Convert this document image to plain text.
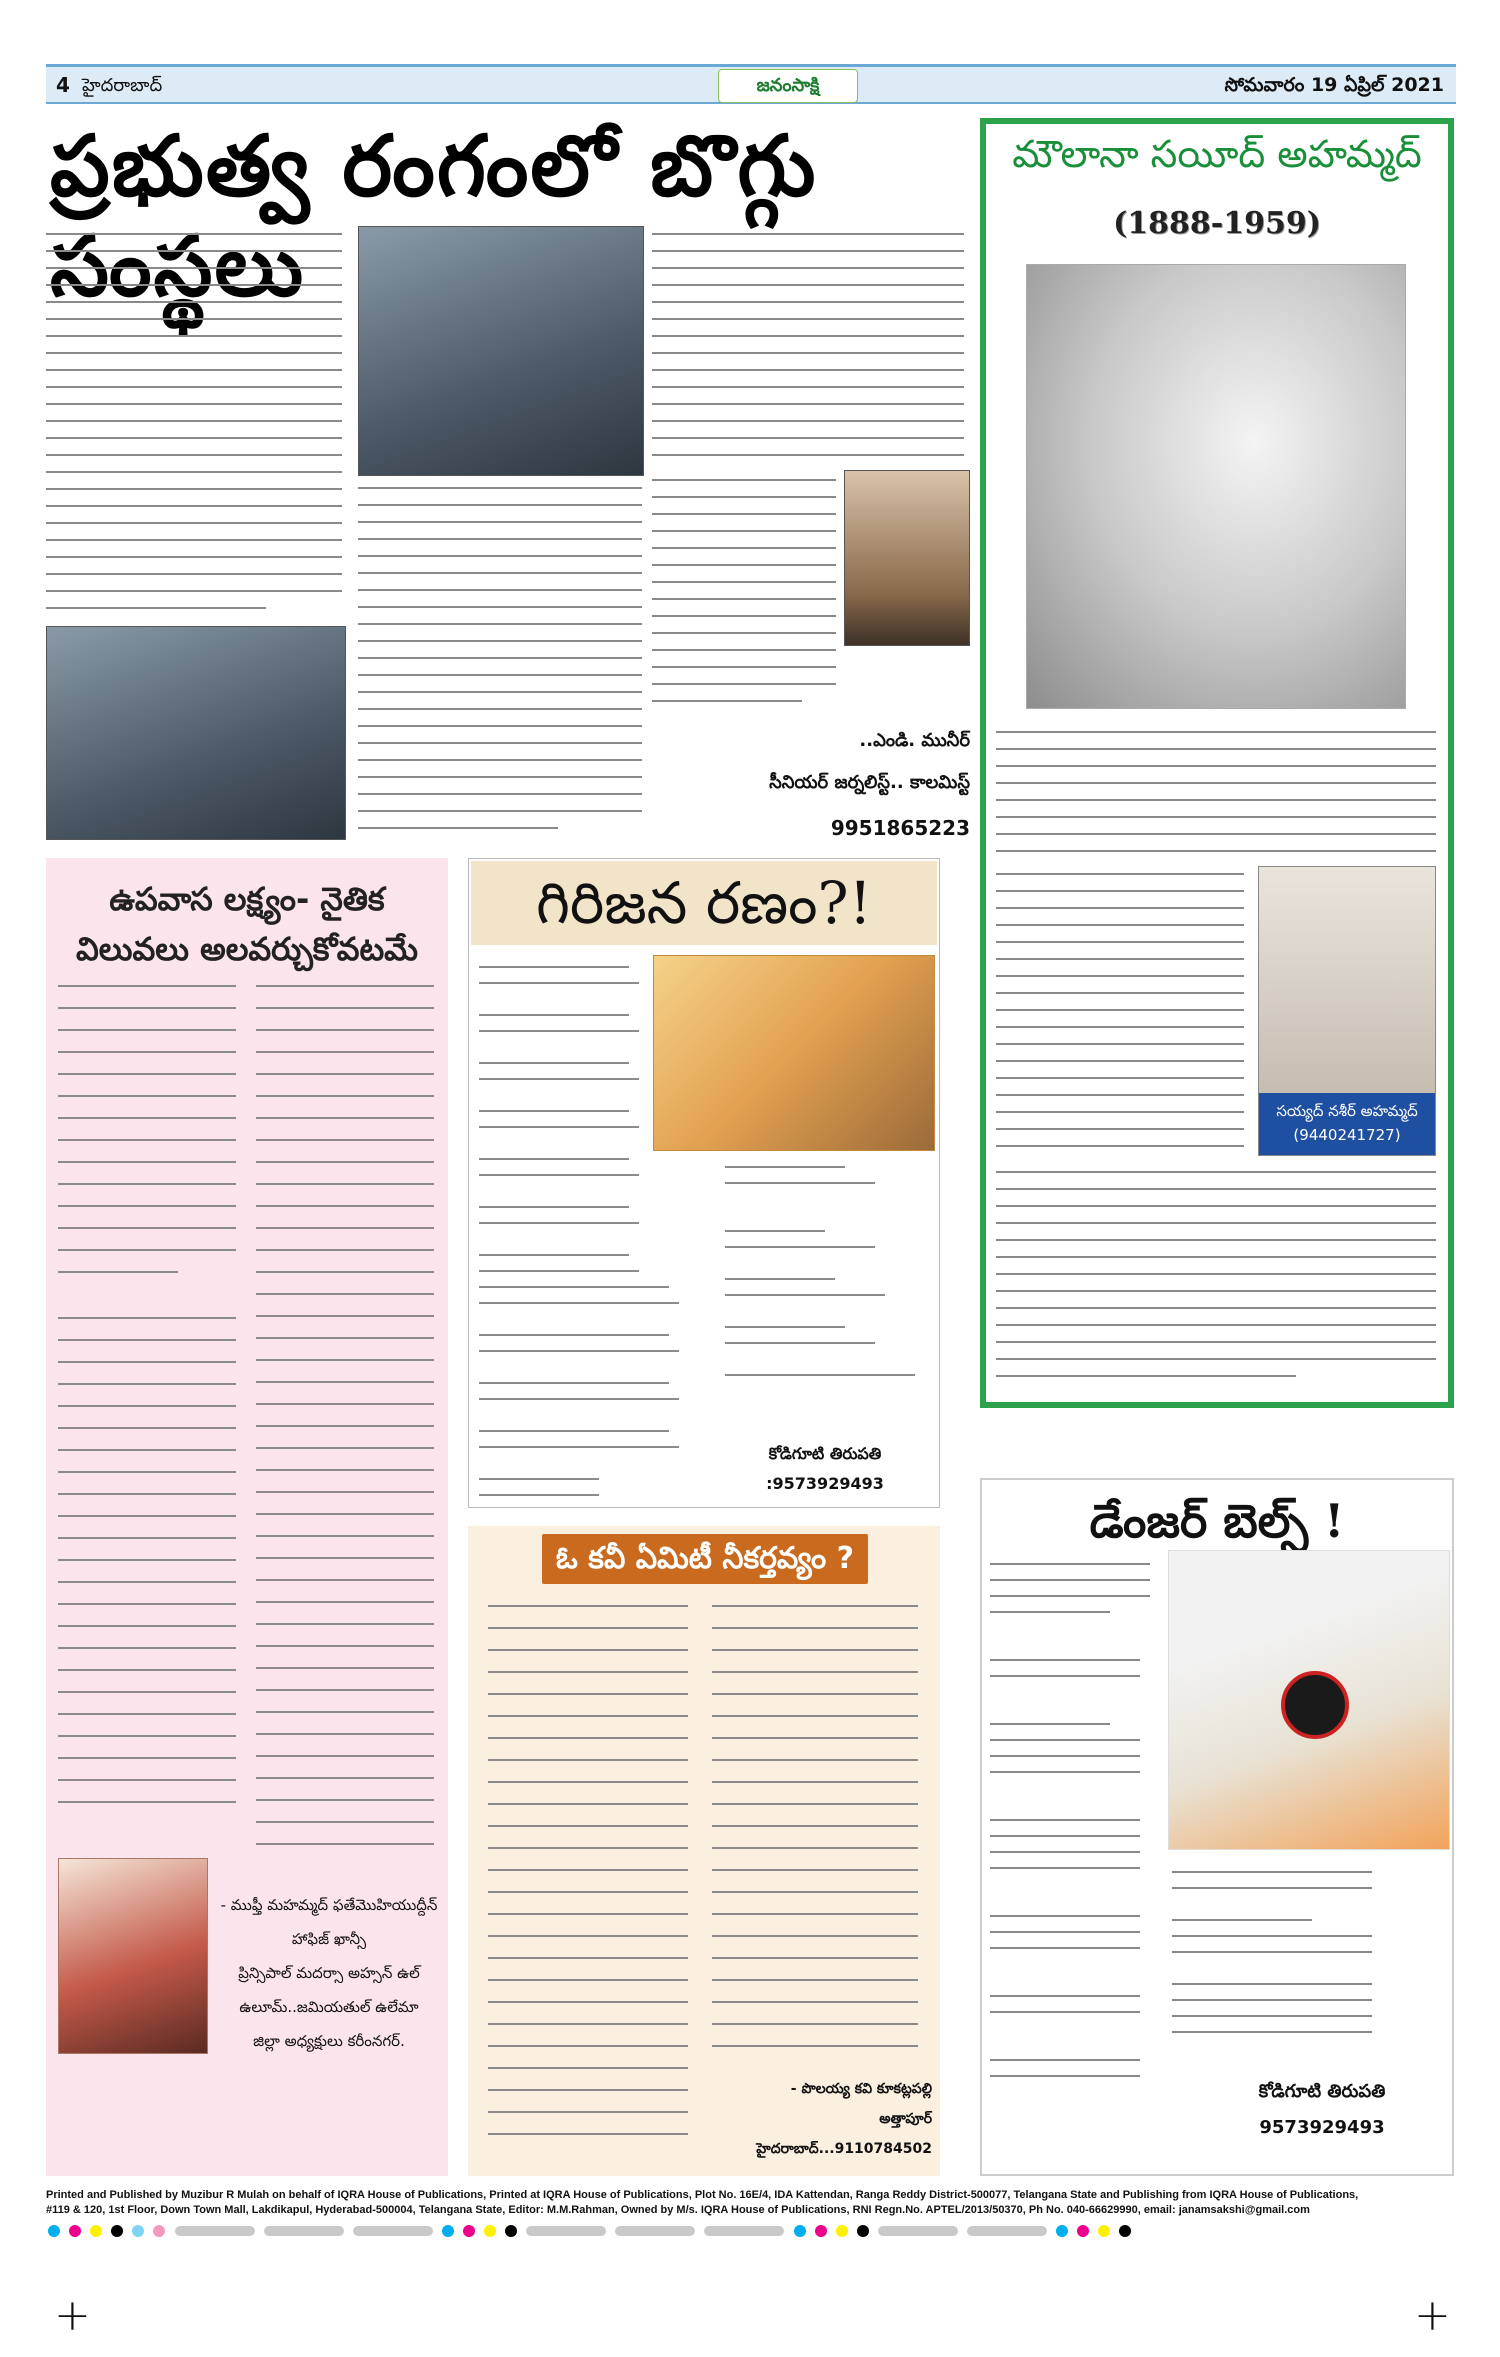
4 హైదరాబాద్	జనంసాక్షి	సోమవారం 19 ఏప్రిల్ 2021
ప్రభుత్వ రంగంలో బొగ్గు సంస్థలు
..ఎండి. మునీర్
సీనియర్ జర్నలిస్ట్.. కాలమిస్ట్
9951865223
మౌలానా సయీద్ అహమ్మద్
(1888-1959)
సయ్యద్ నశీర్ అహమ్మద్
(9440241727)
ఉపవాస లక్ష్యం- నైతిక
విలువలు అలవర్చుకోవటమే
- ముఫ్తీ మహమ్మద్ ఫతేమొహియుద్దీన్
హాఫిజ్ ఖాన్సీ
ప్రిన్సిపాల్ మదర్సా అహ్సన్ ఉల్
ఉలూమ్..జమియతుల్ ఉలేమా
జిల్లా అధ్యక్షులు కరీంనగర్.
గిరిజన రణం?!
కోడిగూటి తిరుపతి
:9573929493
ఓ కవీ ఏమిటీ నీకర్తవ్యం ?
- పొలయ్య కవి కూకట్లపల్లి
అత్తాపూర్
హైదరాబాద్...9110784502
డేంజర్ బెల్స్ !
కోడిగూటి తిరుపతి
9573929493
Printed and Published by Muzibur R Mulah on behalf of IQRA House of Publications, Printed at IQRA House of Publications, Plot No. 16E/4, IDA Kattendan, Ranga Reddy District-500077, Telangana State and Publishing from IQRA House of Publications,
#119 & 120, 1st Floor, Down Town Mall, Lakdikapul, Hyderabad-500004, Telangana State, Editor: M.M.Rahman, Owned by M/s. IQRA House of Publications, RNI Regn.No. APTEL/2013/50370, Ph No. 040-66629990, email: janamsakshi@gmail.com

+	+
